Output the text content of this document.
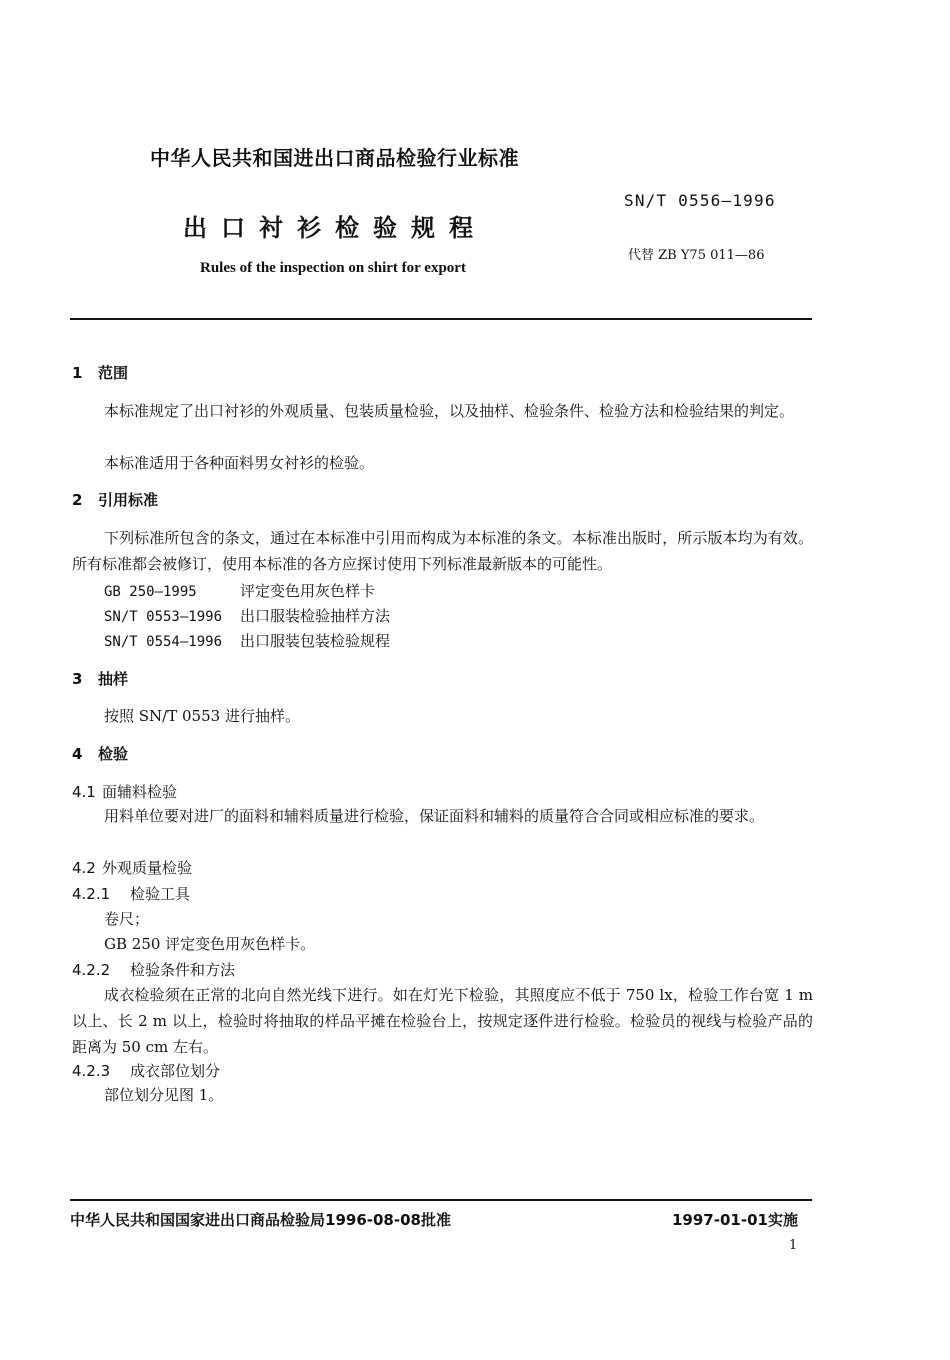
中华人民共和国进出口商品检验行业标准
SN/T 0556—1996
出口衬衫检验规程
代替 ZB Y75 011—86
Rules of the inspection on shirt for export
1 范围
本标准规定了出口衬衫的外观质量、包装质量检验，以及抽样、检验条件、检验方法和检验结果的判定。
本标准适用于各种面料男女衬衫的检验。
2 引用标准
下列标准所包含的条文，通过在本标准中引用而构成为本标准的条文。本标准出版时，所示版本均为有效。所有标准都会被修订，使用本标准的各方应探讨使用下列标准最新版本的可能性。
GB 250—1995	评定变色用灰色样卡
SN/T 0553—1996 出口服装检验抽样方法
SN/T 0554—1996 出口服装包装检验规程
3 抽样
按照 SN/T 0553 进行抽样。
4 检验
4.1 面辅料检验
用料单位要对进厂的面料和辅料质量进行检验，保证面料和辅料的质量符合合同或相应标准的要求。
4.2 外观质量检验
4.2.1 检验工具
卷尺；
GB 250 评定变色用灰色样卡。
4.2.2 检验条件和方法
成衣检验须在正常的北向自然光线下进行。如在灯光下检验，其照度应不低于 750 lx，检验工作台宽 1 m 以上、长 2 m 以上，检验时将抽取的样品平摊在检验台上，按规定逐件进行检验。检验员的视线与检验产品的距离为 50 cm 左右。
4.2.3 成衣部位划分
部位划分见图 1。
中华人民共和国国家进出口商品检验局1996-08-08批准	1997-01-01实施
1
